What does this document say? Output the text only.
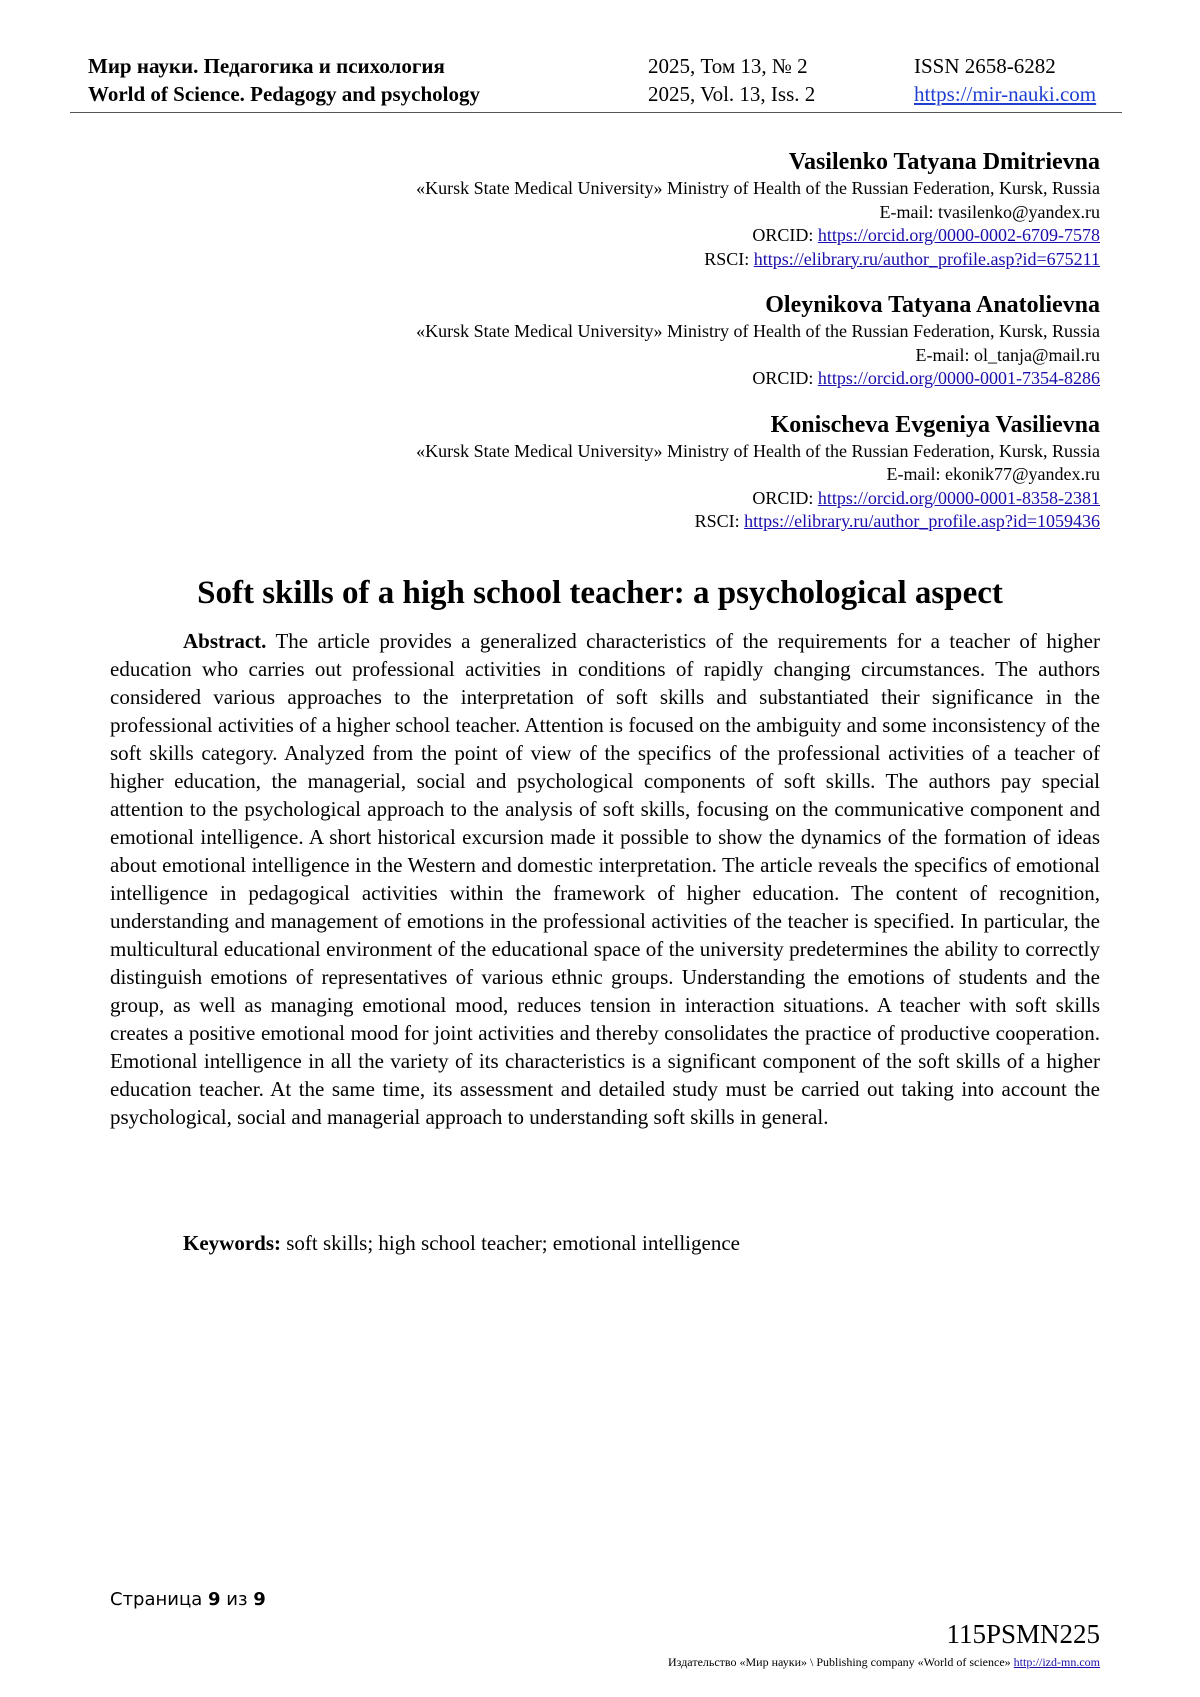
Мир науки. Педагогика и психология	2025, Том 13, № 2	ISSN 2658-6282
World of Science. Pedagogy and psychology	2025, Vol. 13, Iss. 2	https://mir-nauki.com
Vasilenko Tatyana Dmitrievna
«Kursk State Medical University» Ministry of Health of the Russian Federation, Kursk, Russia
E-mail: tvasilenko@yandex.ru
ORCID: https://orcid.org/0000-0002-6709-7578
RSCI: https://elibrary.ru/author_profile.asp?id=675211
Oleynikova Tatyana Anatolievna
«Kursk State Medical University» Ministry of Health of the Russian Federation, Kursk, Russia
E-mail: ol_tanja@mail.ru
ORCID: https://orcid.org/0000-0001-7354-8286
Konischeva Evgeniya Vasilievna
«Kursk State Medical University» Ministry of Health of the Russian Federation, Kursk, Russia
E-mail: ekonik77@yandex.ru
ORCID: https://orcid.org/0000-0001-8358-2381
RSCI: https://elibrary.ru/author_profile.asp?id=1059436
Soft skills of a high school teacher: a psychological aspect
Abstract. The article provides a generalized characteristics of the requirements for a teacher of higher education who carries out professional activities in conditions of rapidly changing circumstances. The authors considered various approaches to the interpretation of soft skills and substantiated their significance in the professional activities of a higher school teacher. Attention is focused on the ambiguity and some inconsistency of the soft skills category. Analyzed from the point of view of the specifics of the professional activities of a teacher of higher education, the managerial, social and psychological components of soft skills. The authors pay special attention to the psychological approach to the analysis of soft skills, focusing on the communicative component and emotional intelligence. A short historical excursion made it possible to show the dynamics of the formation of ideas about emotional intelligence in the Western and domestic interpretation. The article reveals the specifics of emotional intelligence in pedagogical activities within the framework of higher education. The content of recognition, understanding and management of emotions in the professional activities of the teacher is specified. In particular, the multicultural educational environment of the educational space of the university predetermines the ability to correctly distinguish emotions of representatives of various ethnic groups. Understanding the emotions of students and the group, as well as managing emotional mood, reduces tension in interaction situations. A teacher with soft skills creates a positive emotional mood for joint activities and thereby consolidates the practice of productive cooperation. Emotional intelligence in all the variety of its characteristics is a significant component of the soft skills of a higher education teacher. At the same time, its assessment and detailed study must be carried out taking into account the psychological, social and managerial approach to understanding soft skills in general.
Keywords: soft skills; high school teacher; emotional intelligence
Страница 9 из 9
115PSMN225
Издательство «Мир науки» \ Publishing company «World of science» http://izd-mn.com
